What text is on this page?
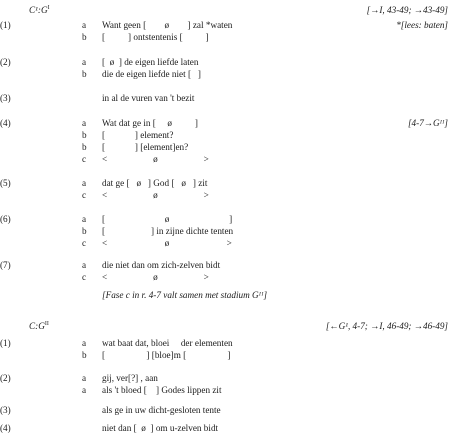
$C^1:G^I$	[→I, 43-49; →43-49]
(1)	a Want geen [        ø        ] zal *waten	*[lees: baten]
b [          ] ontstentenis [          ]
(2)	a [  ø  ] de eigen liefde laten
b die de eigen liefde niet [   ]
(3)	in al de vuren van 't bezit
(4)	a Wat dat ge in [     ø          ]	[4-7→Gᴵᴵ]
b [             ] element?
b [             ] [element]en?
c <                    ø                    >
(5)	a dat ge [   ø   ] God [   ø   ] zit
c <                    ø                    >
(6)	a [                          ø                          ]
b [                    ] in zijne dichte tenten
c <                         ø                         >
(7)	a die niet dan om zich-zelven bidt
c <                    ø                    >
[Fase c in r. 4-7 valt samen met stadium Gᴵᴵ]
$C:G^{II}$	[←G¹, 4-7; →I, 46-49; →46-49]
(1)	a wat baat dat, bloei     der elementen
b [                  ] [bloe]m [                  ]
(2)	a gij, ver[?] , aan
a als 't bloed [    ] Godes lippen zit
(3)	als ge in uw dicht-gesloten tente
(4)	niet dan [  ø  ] om u-zelven bidt
